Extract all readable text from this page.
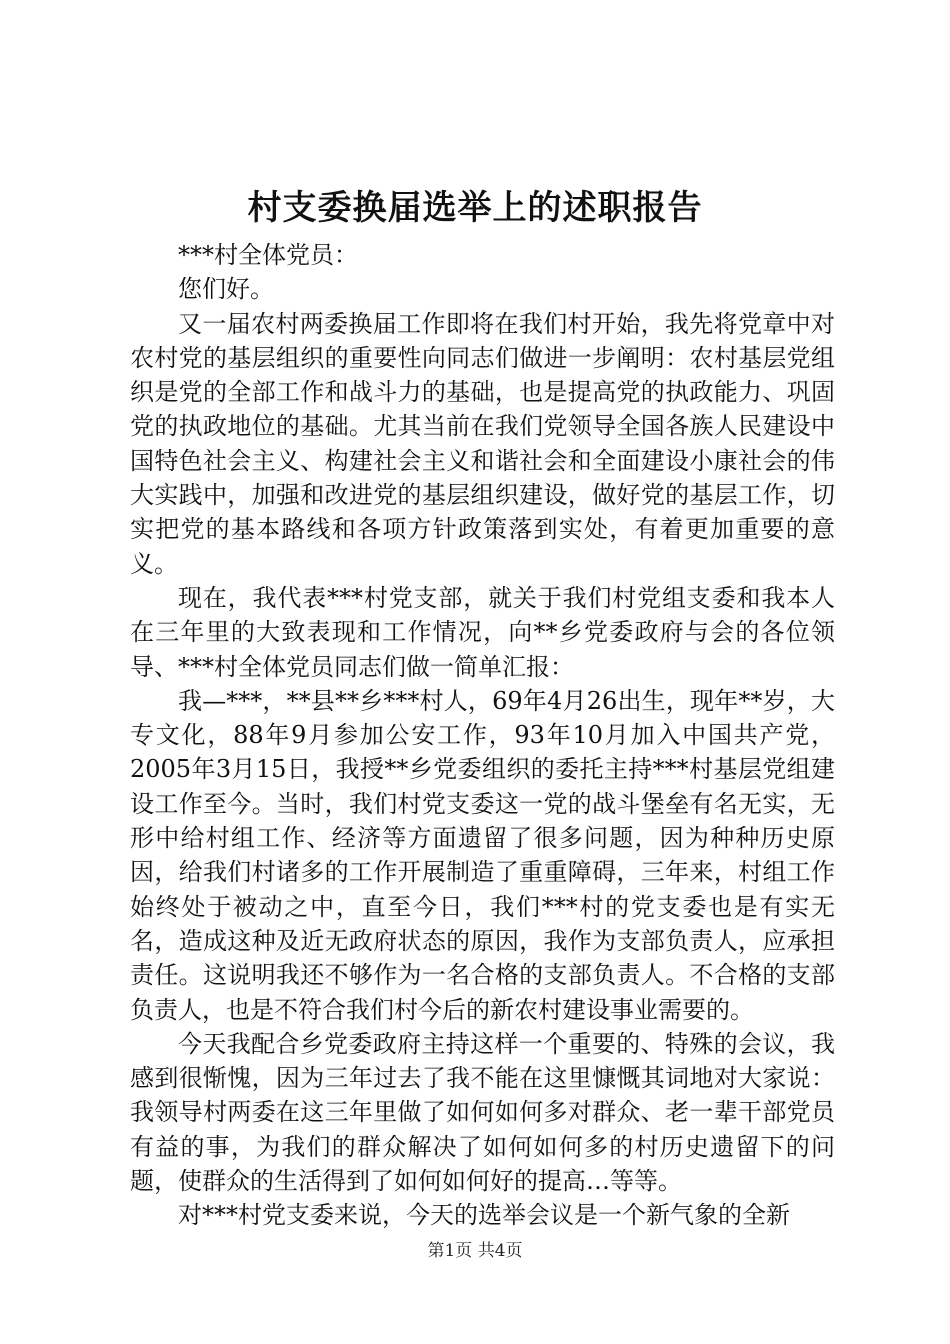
村支委换届选举上的述职报告

***村全体党员：

您们好。

又一届农村两委换届工作即将在我们村开始，我先将党章中对农村党的基层组织的重要性向同志们做进一步阐明：农村基层党组织是党的全部工作和战斗力的基础，也是提高党的执政能力、巩固党的执政地位的基础。尤其当前在我们党领导全国各族人民建设中国特色社会主义、构建社会主义和谐社会和全面建设小康社会的伟大实践中，加强和改进党的基层组织建设，做好党的基层工作，切实把党的基本路线和各项方针政策落到实处，有着更加重要的意义。

现在，我代表***村党支部，就关于我们村党组支委和我本人在三年里的大致表现和工作情况，向**乡党委政府与会的各位领导、***村全体党员同志们做一简单汇报：

我—***，**县**乡***村人，69年4月26出生，现年**岁，大专文化，88年9月参加公安工作，93年10月加入中国共产党，2005年3月15日，我授**乡党委组织的委托主持***村基层党组建设工作至今。当时，我们村党支委这一党的战斗堡垒有名无实，无形中给村组工作、经济等方面遗留了很多问题，因为种种历史原因，给我们村诸多的工作开展制造了重重障碍，三年来，村组工作始终处于被动之中，直至今日，我们***村的党支委也是有实无名，造成这种及近无政府状态的原因，我作为支部负责人，应承担责任。这说明我还不够作为一名合格的支部负责人。不合格的支部负责人，也是不符合我们村今后的新农村建设事业需要的。

今天我配合乡党委政府主持这样一个重要的、特殊的会议，我感到很惭愧，因为三年过去了我不能在这里慷慨其词地对大家说：我领导村两委在这三年里做了如何如何多对群众、老一辈干部党员有益的事，为我们的群众解决了如何如何多的村历史遗留下的问题，使群众的生活得到了如何如何好的提高…等等。

对***村党支委来说，今天的选举会议是一个新气象的全新

第1页 共4页
